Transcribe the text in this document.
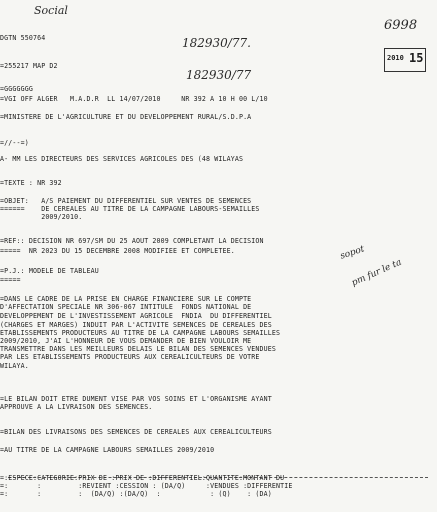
Social
182930/77.
6998
182930/77
2010 15
sopot
pm fur le ta
DGTN 550764
=255217 MAP D2
=GGGGGGG
=VGI OFF ALGER   M.A.D.R  LL 14/07/2010     NR 392 A 10 H 00 L/10
=MINISTERE DE L'AGRICULTURE ET DU DEVELOPPEMENT RURAL/S.D.P.A
=//--=)
A- MM LES DIRECTEURS DES SERVICES AGRICOLES DES (48 WILAYAS
=TEXTE : NR 392
=OBJET:   A/S PAIEMENT DU DIFFERENTIEL SUR VENTES DE SEMENCES
======    DE CEREALES AU TITRE DE LA CAMPAGNE LABOURS-SEMAILLES
2009/2010.
=REF:: DECISION NR 697/SM DU 25 AOUT 2009 COMPLETANT LA DECISION
=====  NR 2023 DU 15 DECEMBRE 2008 MODIFIEE ET COMPLETEE.
=P.J.: MODELE DE TABLEAU
=====
=DANS LE CADRE DE LA PRISE EN CHARGE FINANCIERE SUR LE COMPTE
D'AFFECTATION SPECIALE NR 306-067 INTITULE  FONDS NATIONAL DE
DEVELOPPEMENT DE L'INVESTISSEMENT AGRICOLE  FNDIA  DU DIFFERENTIEL
(CHARGES ET MARGES) INDUIT PAR L'ACTIVITE SEMENCES DE CEREALES DES
ETABLISSEMENTS PRODUCTEURS AU TITRE DE LA CAMPAGNE LABOURS SEMAILLES
2009/2010, J'AI L'HONNEUR DE VOUS DEMANDER DE BIEN VOULOIR ME
TRANSMETTRE DANS LES MEILLEURS DELAIS LE BILAN DES SEMENCES VENDUES
PAR LES ETABLISSEMENTS PRODUCTEURS AUX CEREALICULTEURS DE VOTRE
WILAYA.
=LE BILAN DOIT ETRE DUMENT VISE PAR VOS SOINS ET L'ORGANISME AYANT
APPROUVE A LA LIVRAISON DES SEMENCES.
=BILAN DES LIVRAISONS DES SEMENCES DE CEREALES AUX CEREALICULTEURS
=AU TITRE DE LA CAMPAGNE LABOURS SEMAILLES 2009/2010
=:ESPECE:CATEGORIE:PRIX DE :PRIX DE :DIFFERENTIEL:QUANTITE:MONTANT DU
=:       :         :REVIENT :CESSION : (DA/Q)     :VENDUES :DIFFERENTIE
=:       :         :  (DA/Q) :(DA/Q)  :            : (Q)    : (DA)
